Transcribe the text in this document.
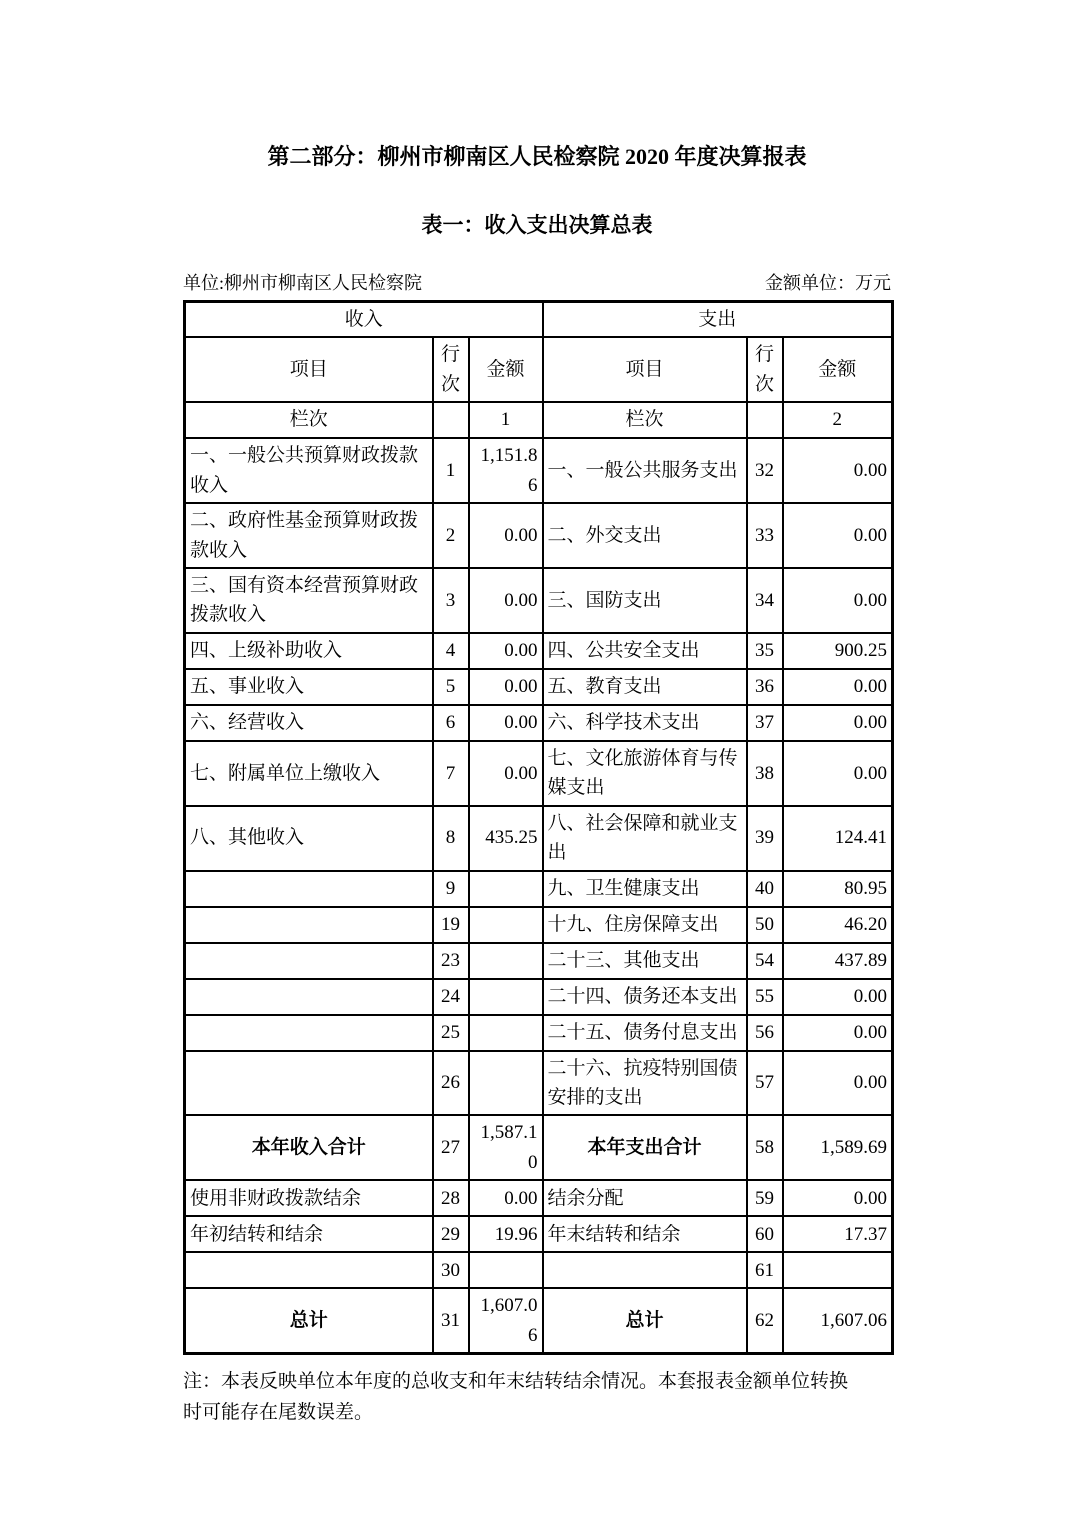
第二部分：柳州市柳南区人民检察院 2020 年度决算报表
表一：收入支出决算总表
单位:柳州市柳南区人民检察院	金额单位：万元
收入			支出		
项目	行次	金额	项目	行次	金额
栏次		1	栏次		2
一、一般公共预算财政拨款收入	1	1,151.86	一、一般公共服务支出	32	0.00
二、政府性基金预算财政拨款收入	2	0.00	二、外交支出	33	0.00
三、国有资本经营预算财政拨款收入	3	0.00	三、国防支出	34	0.00
四、上级补助收入	4	0.00	四、公共安全支出	35	900.25
五、事业收入	5	0.00	五、教育支出	36	0.00
六、经营收入	6	0.00	六、科学技术支出	37	0.00
七、附属单位上缴收入	7	0.00	七、文化旅游体育与传媒支出	38	0.00
八、其他收入	8	435.25	八、社会保障和就业支出	39	124.41
	9		九、卫生健康支出	40	80.95
	19		十九、住房保障支出	50	46.20
	23		二十三、其他支出	54	437.89
	24		二十四、债务还本支出	55	0.00
	25		二十五、债务付息支出	56	0.00
	26		二十六、抗疫特别国债安排的支出	57	0.00
本年收入合计	27	1,587.10	本年支出合计	58	1,589.69
使用非财政拨款结余	28	0.00	结余分配	59	0.00
年初结转和结余	29	19.96	年末结转和结余	60	17.37
	30			61	
总计	31	1,607.06	总计	62	1,607.06
注：本表反映单位本年度的总收支和年末结转结余情况。本套报表金额单位转换时可能存在尾数误差。
